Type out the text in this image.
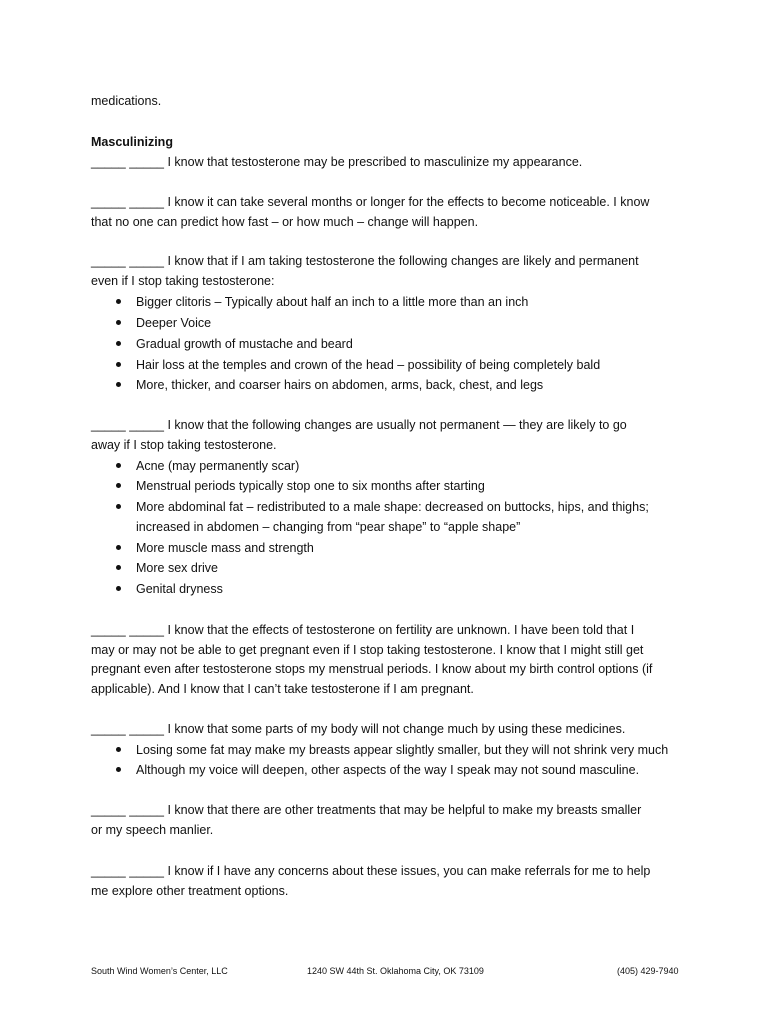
medications.
Masculinizing
_____ _____ I know that testosterone may be prescribed to masculinize my appearance.
_____ _____ I know it can take several months or longer for the effects to become noticeable. I know
that no one can predict how fast – or how much – change will happen.
_____ _____ I know that if I am taking testosterone the following changes are likely and permanent
even if I stop taking testosterone:
Bigger clitoris – Typically about half an inch to a little more than an inch
Deeper Voice
Gradual growth of mustache and beard
Hair loss at the temples and crown of the head – possibility of being completely bald
More, thicker, and coarser hairs on abdomen, arms, back, chest, and legs
_____ _____ I know that the following changes are usually not permanent — they are likely to go
away if I stop taking testosterone.
Acne (may permanently scar)
Menstrual periods typically stop one to six months after starting
More abdominal fat – redistributed to a male shape: decreased on buttocks, hips, and thighs;
increased in abdomen – changing from “pear shape” to “apple shape”
More muscle mass and strength
More sex drive
Genital dryness
_____ _____ I know that the effects of testosterone on fertility are unknown. I have been told that I
may or may not be able to get pregnant even if I stop taking testosterone. I know that I might still get
pregnant even after testosterone stops my menstrual periods. I know about my birth control options (if
applicable). And I know that I can’t take testosterone if I am pregnant.
_____ _____ I know that some parts of my body will not change much by using these medicines.
Losing some fat may make my breasts appear slightly smaller, but they will not shrink very much
Although my voice will deepen, other aspects of the way I speak may not sound masculine.
_____ _____ I know that there are other treatments that may be helpful to make my breasts smaller
or my speech manlier.
_____ _____ I know if I have any concerns about these issues, you can make referrals for me to help
me explore other treatment options.
South Wind Women’s Center, LLC	1240 SW 44th St. Oklahoma City, OK 73109	(405) 429-7940
